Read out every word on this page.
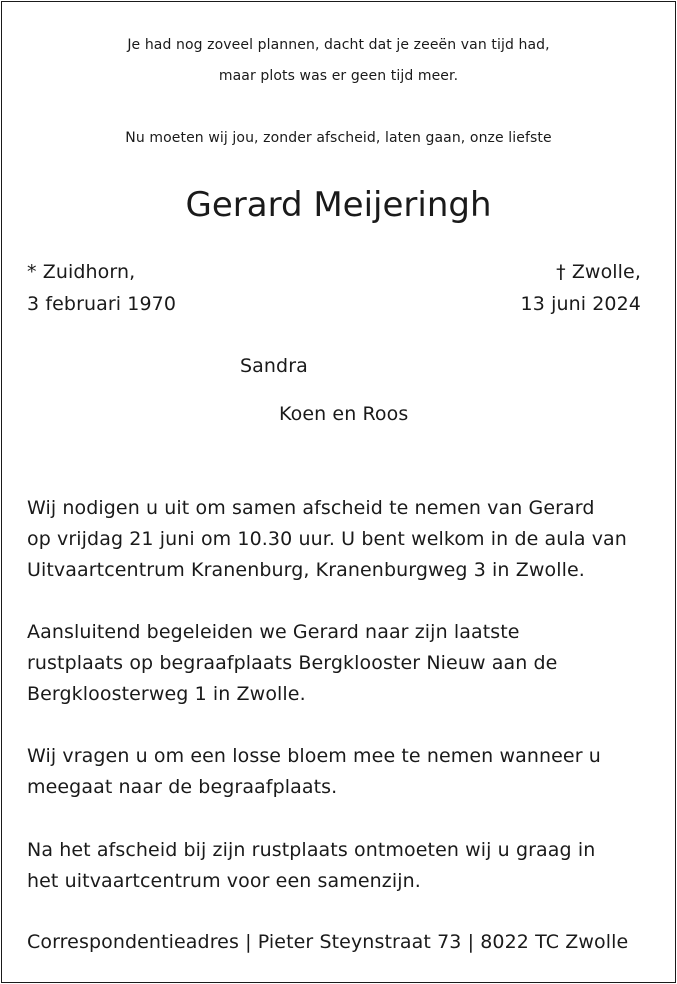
Je had nog zoveel plannen, dacht dat je zeeën van tijd had,
maar plots was er geen tijd meer.
Nu moeten wij jou, zonder afscheid, laten gaan, onze liefste
Gerard Meijeringh
* Zuidhorn,
3 februari 1970
† Zwolle,
13 juni 2024
Sandra
Koen en Roos
Wij nodigen u uit om samen afscheid te nemen van Gerard
op vrijdag 21 juni om 10.30 uur. U bent welkom in de aula van
Uitvaartcentrum Kranenburg, Kranenburgweg 3 in Zwolle.
Aansluitend begeleiden we Gerard naar zijn laatste
rustplaats op begraafplaats Bergklooster Nieuw aan de
Bergkloosterweg 1 in Zwolle.
Wij vragen u om een losse bloem mee te nemen wanneer u
meegaat naar de begraafplaats.
Na het afscheid bij zijn rustplaats ontmoeten wij u graag in
het uitvaartcentrum voor een samenzijn.
Correspondentieadres | Pieter Steynstraat 73 | 8022 TC Zwolle
